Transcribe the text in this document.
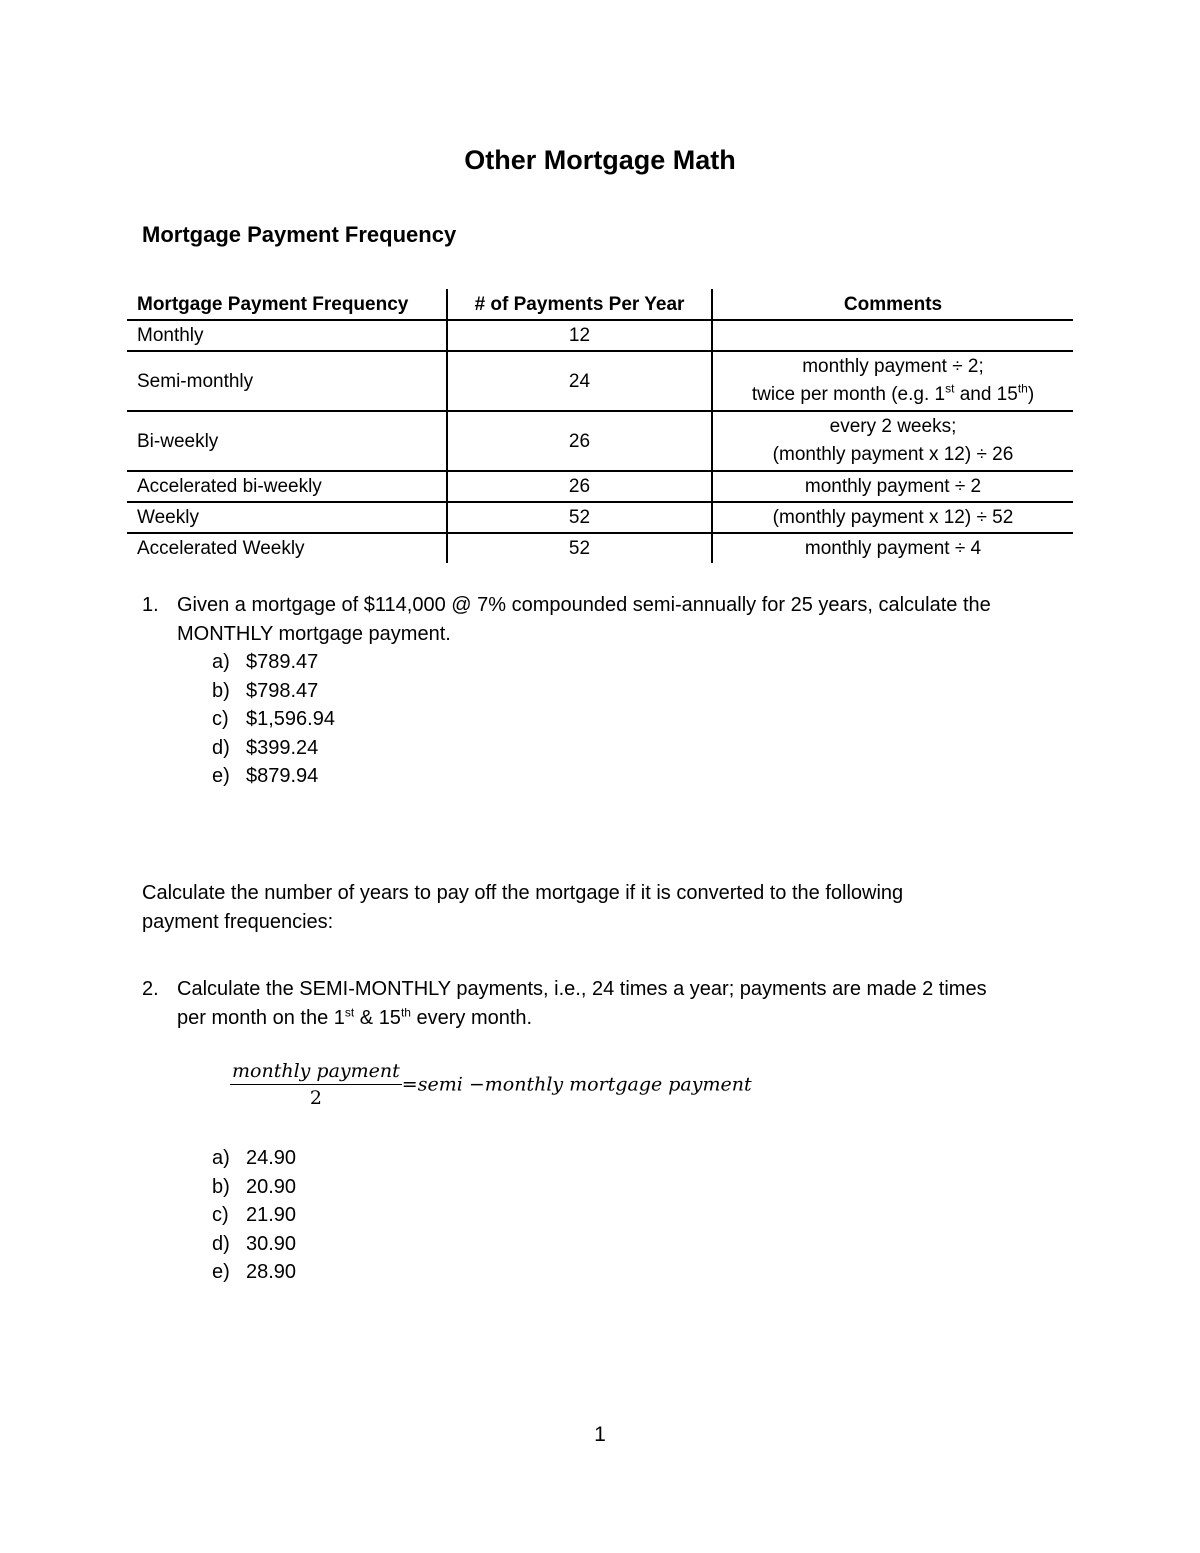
Other Mortgage Math
Mortgage Payment Frequency
Mortgage Payment Frequency	# of Payments Per Year	Comments
Monthly	12	
Semi-monthly	24	monthly payment ÷ 2;
twice per month (e.g. 1st and 15th)

Bi-weekly	26	every 2 weeks;
(monthly payment x 12) ÷ 26

Accelerated bi-weekly	26	monthly payment ÷ 2
Weekly	52	(monthly payment x 12) ÷ 52
Accelerated Weekly	52	monthly payment ÷ 4
1. Given a mortgage of $114,000 @ 7% compounded semi-annually for 25 years, calculate the
MONTHLY mortgage payment.
a) $789.47
b) $798.47
c) $1,596.94
d) $399.24
e) $879.94
Calculate the number of years to pay off the mortgage if it is converted to the following
payment frequencies:
2. Calculate the SEMI-MONTHLY payments, i.e., 24 times a year; payments are made 2 times
per month on the 1st & 15th every month.
$\frac{\text{monthly payment}}{2}$ =semi −monthly mortgage payment
a) 24.90
b) 20.90
c) 21.90
d) 30.90
e) 28.90
1
